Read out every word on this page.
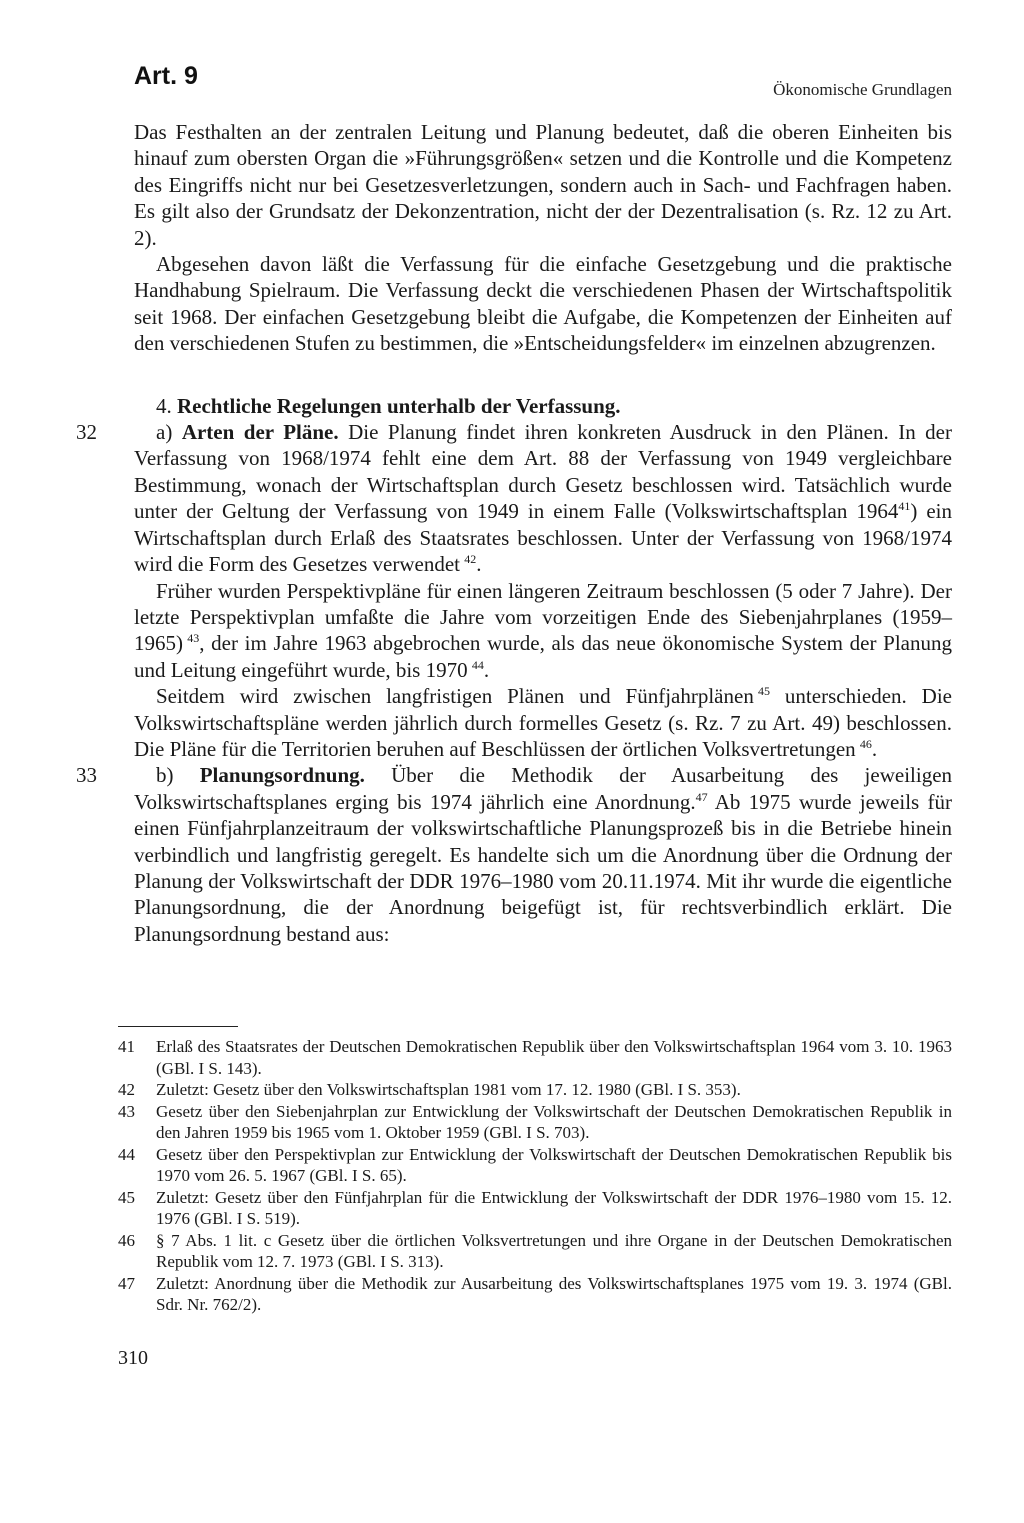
Art. 9	Ökonomische Grundlagen

Das Festhalten an der zentralen Leitung und Planung bedeutet, daß die oberen Einheiten bis hinauf zum obersten Organ die »Führungsgrößen« setzen und die Kontrolle und die Kompetenz des Eingriffs nicht nur bei Gesetzesverletzungen, sondern auch in Sach- und Fachfragen haben. Es gilt also der Grundsatz der Dekonzentration, nicht der der Dezentralisation (s. Rz. 12 zu Art. 2).

Abgesehen davon läßt die Verfassung für die einfache Gesetzgebung und die praktische Handhabung Spielraum. Die Verfassung deckt die verschiedenen Phasen der Wirtschaftspolitik seit 1968. Der einfachen Gesetzgebung bleibt die Aufgabe, die Kompetenzen der Einheiten auf den verschiedenen Stufen zu bestimmen, die »Entscheidungsfelder« im einzelnen abzugrenzen.

4. Rechtliche Regelungen unterhalb der Verfassung.

32	a) Arten der Pläne. Die Planung findet ihren konkreten Ausdruck in den Plänen. In der Verfassung von 1968/1974 fehlt eine dem Art. 88 der Verfassung von 1949 vergleichbare Bestimmung, wonach der Wirtschaftsplan durch Gesetz beschlossen wird. Tatsächlich wurde unter der Geltung der Verfassung von 1949 in einem Falle (Volkswirtschaftsplan 1964$^{41}$) ein Wirtschaftsplan durch Erlaß des Staatsrates beschlossen. Unter der Verfassung von 1968/1974 wird die Form des Gesetzes verwendet  $^{42}$.

Früher wurden Perspektivpläne für einen längeren Zeitraum beschlossen (5 oder 7 Jahre). Der letzte Perspektivplan umfaßte die Jahre vom vorzeitigen Ende des Siebenjahrplanes (1959–1965)  $^{43}$, der im Jahre 1963 abgebrochen wurde, als das neue ökonomische System der Planung und Leitung eingeführt wurde, bis 1970  $^{44}$.

Seitdem wird zwischen langfristigen Plänen und Fünfjahrplänen  $^{45}$ unterschieden. Die Volkswirtschaftspläne werden jährlich durch formelles Gesetz (s. Rz. 7 zu Art. 49) beschlossen. Die Pläne für die Territorien beruhen auf Beschlüssen der örtlichen Volksvertretungen  $^{46}$.

33	b) Planungsordnung. Über die Methodik der Ausarbeitung des jeweiligen Volkswirtschaftsplanes erging bis 1974 jährlich eine Anordnung.$^{47}$ Ab 1975 wurde jeweils für einen Fünfjahrplanzeitraum der volkswirtschaftliche Planungsprozeß bis in die Betriebe hinein verbindlich und langfristig geregelt. Es handelte sich um die Anordnung über die Ordnung der Planung der Volkswirtschaft der DDR 1976–1980 vom 20.11.1974. Mit ihr wurde die eigentliche Planungsordnung, die der Anordnung beigefügt ist, für rechtsverbindlich erklärt. Die Planungsordnung bestand aus:

41	Erlaß des Staatsrates der Deutschen Demokratischen Republik über den Volkswirtschaftsplan 1964 vom 3. 10. 1963 (GBl. I S. 143).
42	Zuletzt: Gesetz über den Volkswirtschaftsplan 1981 vom 17. 12. 1980 (GBl. I S. 353).
43	Gesetz über den Siebenjahrplan zur Entwicklung der Volkswirtschaft der Deutschen Demokratischen Republik in den Jahren 1959 bis 1965 vom 1. Oktober 1959 (GBl. I S. 703).
44	Gesetz über den Perspektivplan zur Entwicklung der Volkswirtschaft der Deutschen Demokratischen Republik bis 1970 vom 26. 5. 1967 (GBl. I S. 65).
45	Zuletzt: Gesetz über den Fünfjahrplan für die Entwicklung der Volkswirtschaft der DDR 1976–1980 vom 15. 12. 1976 (GBl. I S. 519).
46	§ 7 Abs. 1 lit. c Gesetz über die örtlichen Volksvertretungen und ihre Organe in der Deutschen Demokratischen Republik vom 12. 7. 1973 (GBl. I S. 313).
47	Zuletzt: Anordnung über die Methodik zur Ausarbeitung des Volkswirtschaftsplanes 1975 vom 19. 3. 1974 (GBl. Sdr. Nr. 762/2).
310
